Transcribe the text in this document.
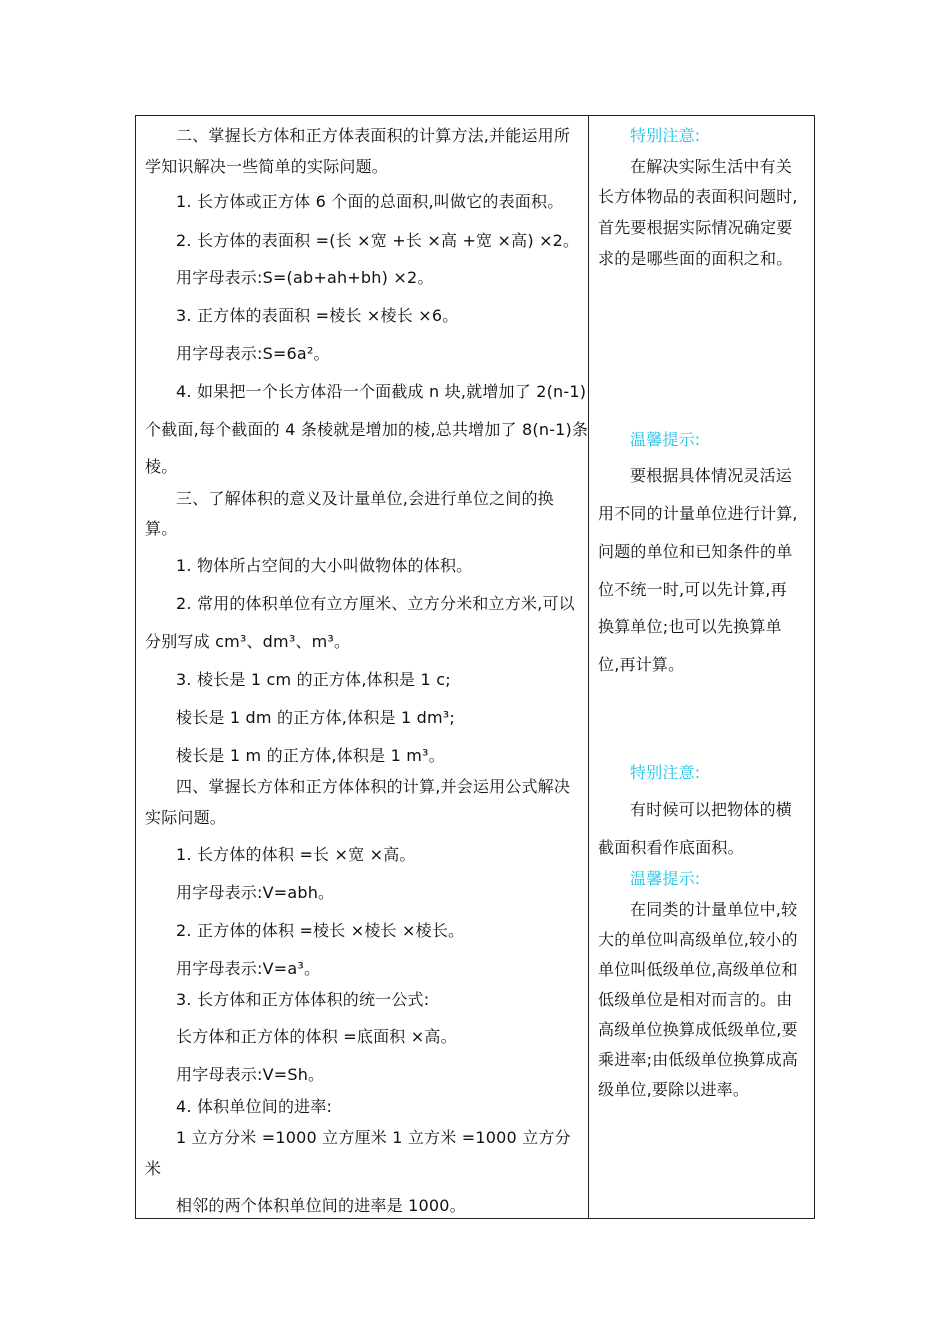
二、掌握长方体和正方体表面积的计算方法,并能运用所
学知识解决一些简单的实际问题。
1. 长方体或正方体 6 个面的总面积,叫做它的表面积。
2. 长方体的表面积 =(长 ×宽 +长 ×高 +宽 ×高) ×2。
用字母表示:S=(ab+ah+bh) ×2。
3. 正方体的表面积 =棱长 ×棱长 ×6。
用字母表示:S=6a²。
4. 如果把一个长方体沿一个面截成 n 块,就增加了 2(n-1)
个截面,每个截面的 4 条棱就是增加的棱,总共增加了 8(n-1)条
棱。
三、了解体积的意义及计量单位,会进行单位之间的换
算。
1. 物体所占空间的大小叫做物体的体积。
2. 常用的体积单位有立方厘米、立方分米和立方米,可以
分别写成 cm³、dm³、m³。
3. 棱长是 1 cm 的正方体,体积是 1 c;
棱长是 1 dm 的正方体,体积是 1 dm³;
棱长是 1 m 的正方体,体积是 1 m³。
四、掌握长方体和正方体体积的计算,并会运用公式解决
实际问题。
1. 长方体的体积 =长 ×宽 ×高。
用字母表示:V=abh。
2. 正方体的体积 =棱长 ×棱长 ×棱长。
用字母表示:V=a³。
3. 长方体和正方体体积的统一公式:
长方体和正方体的体积 =底面积 ×高。
用字母表示:V=Sh。
4. 体积单位间的进率:
1 立方分米 =1000 立方厘米 1 立方米 =1000 立方分
米
相邻的两个体积单位间的进率是 1000。
特别注意:
在解决实际生活中有关
长方体物品的表面积问题时,
首先要根据实际情况确定要
求的是哪些面的面积之和。
温馨提示:
要根据具体情况灵活运
用不同的计量单位进行计算,
问题的单位和已知条件的单
位不统一时,可以先计算,再
换算单位;也可以先换算单
位,再计算。
特别注意:
有时候可以把物体的横
截面积看作底面积。
温馨提示:
在同类的计量单位中,较
大的单位叫高级单位,较小的
单位叫低级单位,高级单位和
低级单位是相对而言的。由
高级单位换算成低级单位,要
乘进率;由低级单位换算成高
级单位,要除以进率。
